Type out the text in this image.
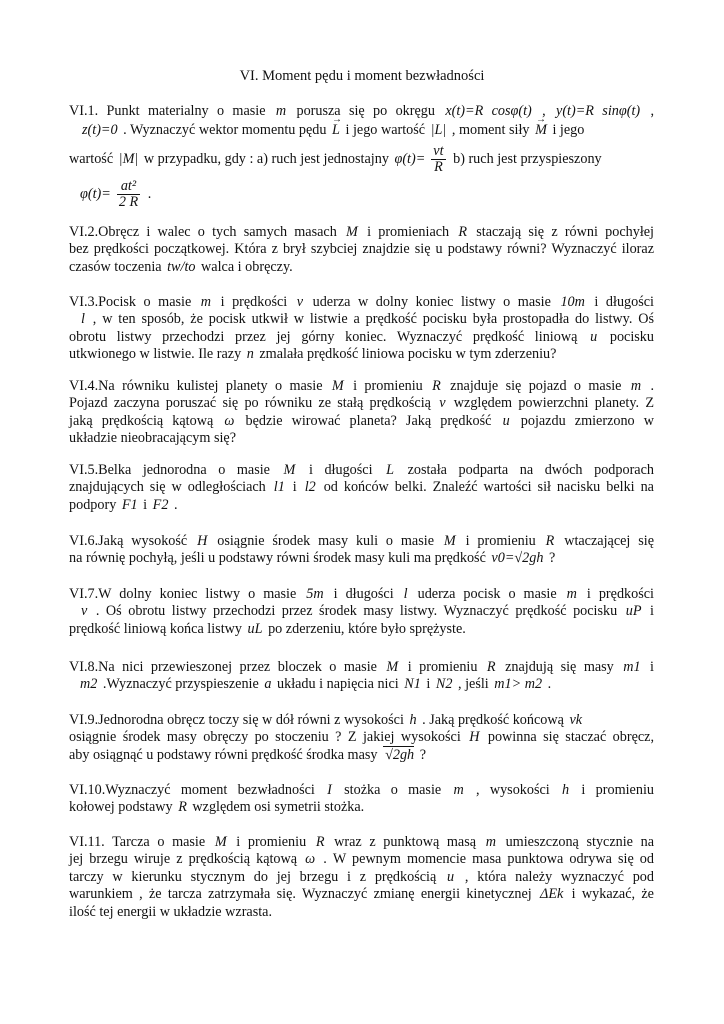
VI. Moment pędu i moment bezwładności
VI.1. Punkt materialny o masie m porusza się po okręgu x(t)=R cosφ(t) , y(t)=R sinφ(t) ,
z(t)=0 . Wyznaczyć wektor momentu pędu → L i jego wartość |L| , moment siły → M i jego
wartość |M| w przypadku, gdy : a) ruch jest jednostajny $\varphi(t)= \frac{vt}{R} b$) ruch jest przyspieszony
$\varphi(t)= \frac{\text{at²}}{2 R}$ .
VI.2.Obręcz i walec o tych samych masach M i promieniach R staczają się z równi pochyłej
bez prędkości początkowej. Która z brył szybciej znajdzie się u podstawy równi? Wyznaczyć iloraz
czasów toczenia tw/to walca i obręczy.
VI.3.Pocisk o masie m i prędkości v uderza w dolny koniec listwy o masie 10m i długości
l , w ten sposób, że pocisk utkwił w listwie a prędkość pocisku była prostopadła do listwy. Oś
obrotu listwy przechodzi przez jej górny koniec. Wyznaczyć prędkość liniową u pocisku
utkwionego w listwie. Ile razy n zmalała prędkość liniowa pocisku w tym zderzeniu?
VI.4.Na równiku kulistej planety o masie M i promieniu R znajduje się pojazd o masie m .
Pojazd zaczyna poruszać się po równiku ze stałą prędkością v względem powierzchni planety. Z
jaką prędkością kątową ω będzie wirować planeta? Jaką prędkość u pojazdu zmierzono w
układzie nieobracającym się?
VI.5.Belka jednorodna o masie M i długości L została podparta na dwóch podporach
znajdujących się w odległościach l1 i l2 od końców belki. Znaleźć wartości sił nacisku belki na
podpory F1 i F2 .
VI.6.Jaką wysokość H osiągnie środek masy kuli o masie M i promieniu R wtaczającej się
na równię pochyłą, jeśli u podstawy równi środek masy kuli ma prędkość v0=√2gh ?
VI.7.W dolny koniec listwy o masie 5m i długości l uderza pocisk o masie m i prędkości
v . Oś obrotu listwy przechodzi przez środek masy listwy. Wyznaczyć prędkość pocisku uP i
prędkość liniową końca listwy uL po zderzeniu, które było sprężyste.
VI.8.Na nici przewieszonej przez bloczek o masie M i promieniu R znajdują się masy m1 i
m2 .Wyznaczyć przyspieszenie a układu i napięcia nici N1 i N2 , jeśli m1> m2 .
VI.9.Jednorodna obręcz toczy się w dół równi z wysokości h . Jaką prędkość końcową vk
osiągnie środek masy obręczy po stoczeniu ? Z jakiej wysokości H powinna się staczać obręcz,
aby osiągnąć u podstawy równi prędkość środka masy √2gh ?
VI.10.Wyznaczyć moment bezwładności I stożka o masie m , wysokości h i promieniu
kołowej podstawy R względem osi symetrii stożka.
VI.11. Tarcza o masie M i promieniu R wraz z punktową masą m umieszczoną stycznie na
jej brzegu wiruje z prędkością kątową ω . W pewnym momencie masa punktowa odrywa się od
tarczy w kierunku stycznym do jej brzegu i z prędkością u , która należy wyznaczyć pod
warunkiem , że tarcza zatrzymała się. Wyznaczyć zmianę energii kinetycznej ΔEk i wykazać, że
ilość tej energii w układzie wzrasta.
